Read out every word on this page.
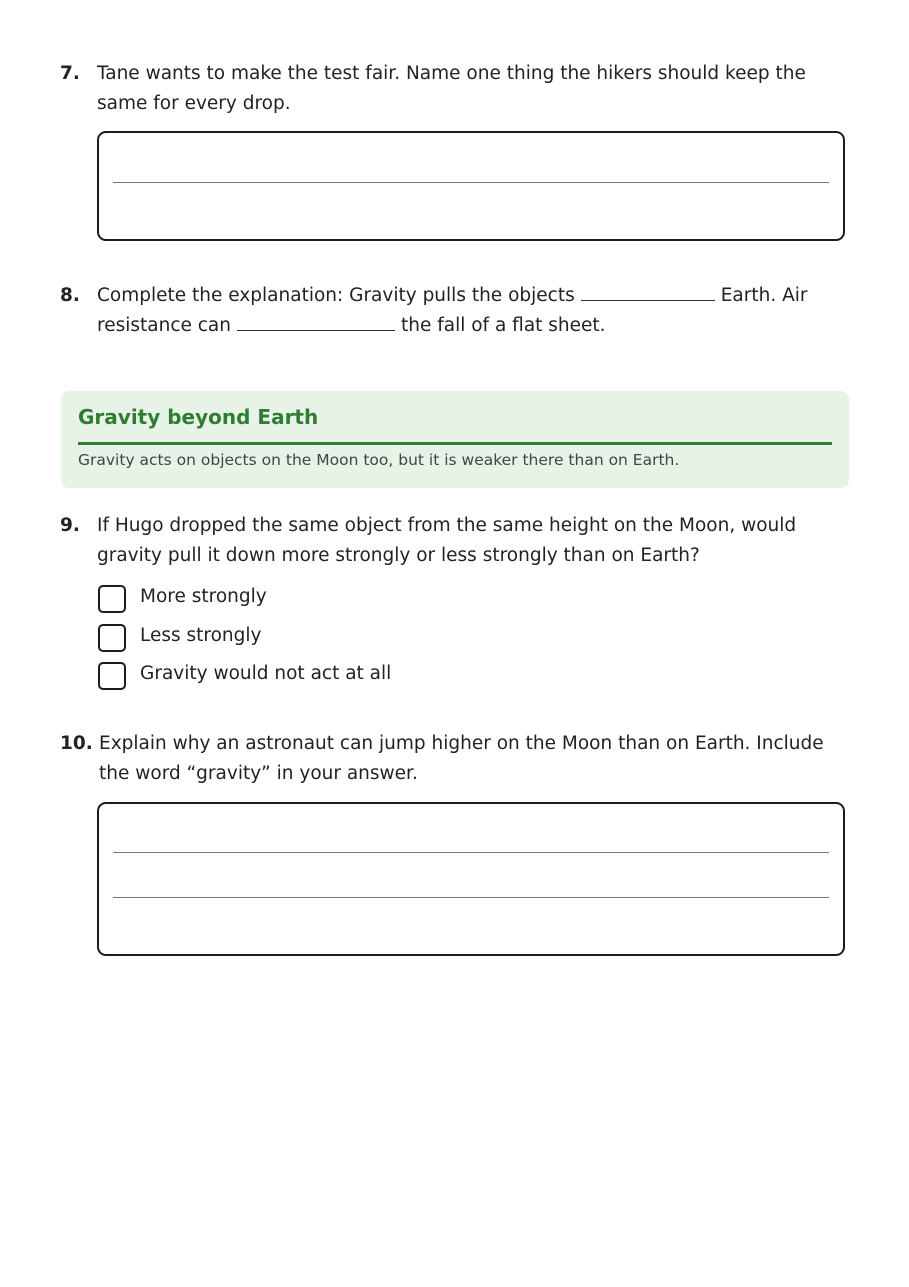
7. Tane wants to make the test fair. Name one thing the hikers should keep the same for every drop.
8. Complete the explanation: Gravity pulls the objects	Earth. Air resistance can	the fall of a flat sheet.
Gravity beyond Earth
Gravity acts on objects on the Moon too, but it is weaker there than on Earth.
9. If Hugo dropped the same object from the same height on the Moon, would gravity pull it down more strongly or less strongly than on Earth?
More strongly
Less strongly
Gravity would not act at all
10. Explain why an astronaut can jump higher on the Moon than on Earth. Include the word “gravity” in your answer.
